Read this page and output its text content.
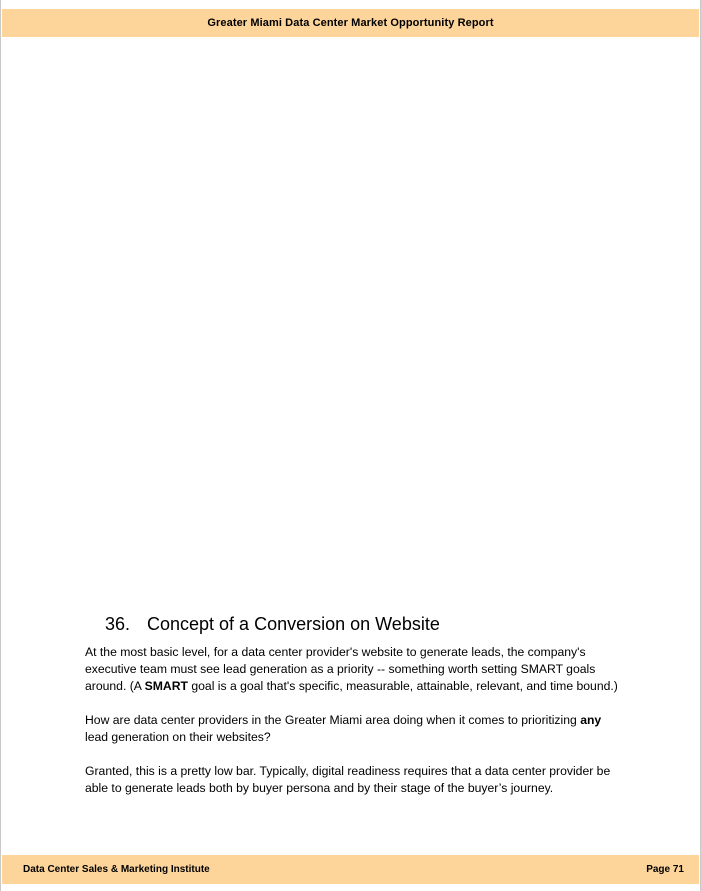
Greater Miami Data Center Market Opportunity Report
36. Concept of a Conversion on Website

At the most basic level, for a data center provider's website to generate leads, the company's executive team must see lead generation as a priority -- something worth setting SMART goals around. (A SMART goal is a goal that's specific, measurable, attainable, relevant, and time bound.)

How are data center providers in the Greater Miami area doing when it comes to prioritizing any lead generation on their websites?

Granted, this is a pretty low bar. Typically, digital readiness requires that a data center provider be able to generate leads both by buyer persona and by their stage of the buyer’s journey.

Data Center Sales & Marketing Institute	Page 71
